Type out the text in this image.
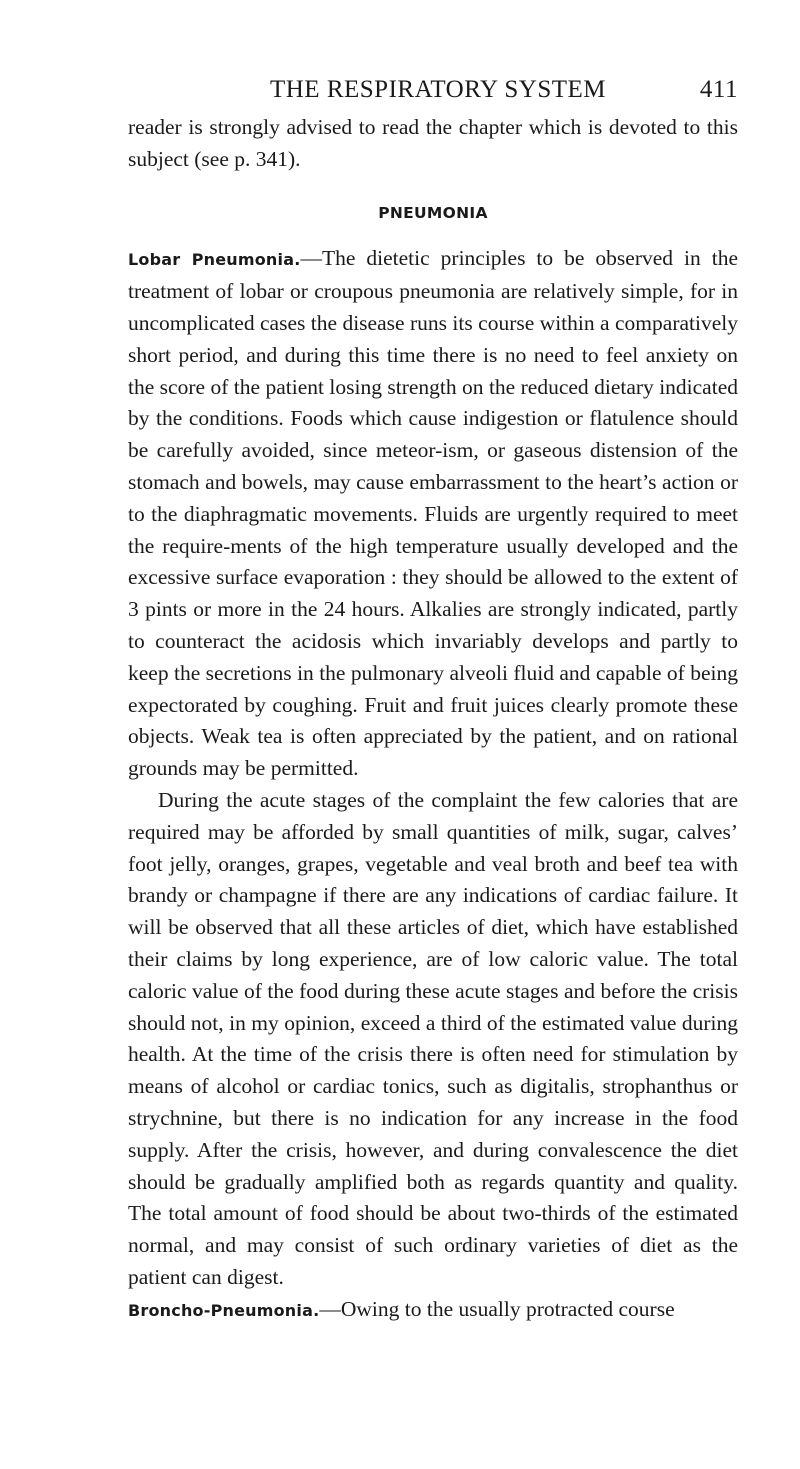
THE RESPIRATORY SYSTEM	411

reader is strongly advised to read the chapter which is devoted to this subject (see p. 341).

PNEUMONIA

Lobar Pneumonia.—The dietetic principles to be observed in the treatment of lobar or croupous pneumonia are relatively simple, for in uncomplicated cases the disease runs its course within a comparatively short period, and during this time there is no need to feel anxiety on the score of the patient losing strength on the reduced dietary indicated by the conditions. Foods which cause indigestion or flatulence should be carefully avoided, since meteor-ism, or gaseous distension of the stomach and bowels, may cause embarrassment to the heart’s action or to the diaphragmatic movements. Fluids are urgently required to meet the require-ments of the high temperature usually developed and the excessive surface evaporation : they should be allowed to the extent of 3 pints or more in the 24 hours. Alkalies are strongly indicated, partly to counteract the acidosis which invariably develops and partly to keep the secretions in the pulmonary alveoli fluid and capable of being expectorated by coughing. Fruit and fruit juices clearly promote these objects. Weak tea is often appreciated by the patient, and on rational grounds may be permitted.

During the acute stages of the complaint the few calories that are required may be afforded by small quantities of milk, sugar, calves’ foot jelly, oranges, grapes, vegetable and veal broth and beef tea with brandy or champagne if there are any indications of cardiac failure. It will be observed that all these articles of diet, which have established their claims by long experience, are of low caloric value. The total caloric value of the food during these acute stages and before the crisis should not, in my opinion, exceed a third of the estimated value during health. At the time of the crisis there is often need for stimulation by means of alcohol or cardiac tonics, such as digitalis, strophanthus or strychnine, but there is no indication for any increase in the food supply. After the crisis, however, and during convalescence the diet should be gradually amplified both as regards quantity and quality. The total amount of food should be about two-thirds of the estimated normal, and may consist of such ordinary varieties of diet as the patient can digest.

Broncho-Pneumonia.—Owing to the usually protracted course
